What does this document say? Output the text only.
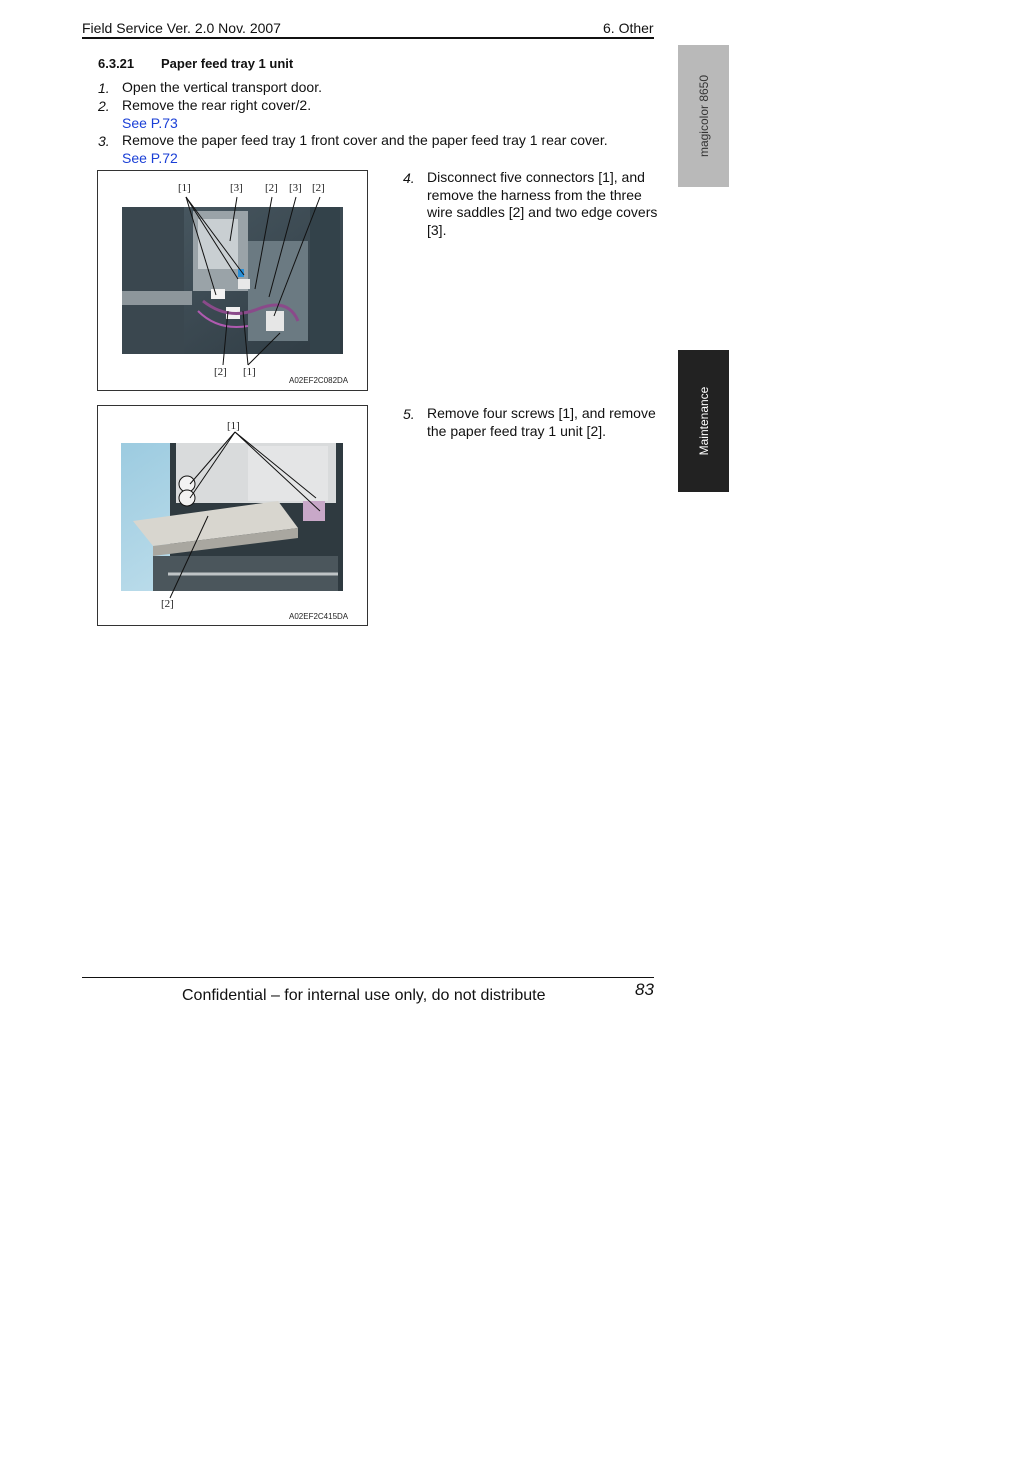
Field Service Ver. 2.0 Nov. 2007	6. Other
6.3.21 Paper feed tray 1 unit
1. Open the vertical transport door.
2. Remove the rear right cover/2.
See P.73
3. Remove the paper feed tray 1 front cover and the paper feed tray 1 rear cover.
See P.72
[1]	[3] [2] [3] [2]
[2] [1]
A02EF2C082DA
4. Disconnect five connectors [1], and
remove the harness from the three
wire saddles [2] and two edge covers
[3].
[1]
[2]
A02EF2C415DA
5. Remove four screws [1], and remove
the paper feed tray 1 unit [2].
magicolor 8650
Maintenance
Confidential – for internal use only, do not distribute	83
